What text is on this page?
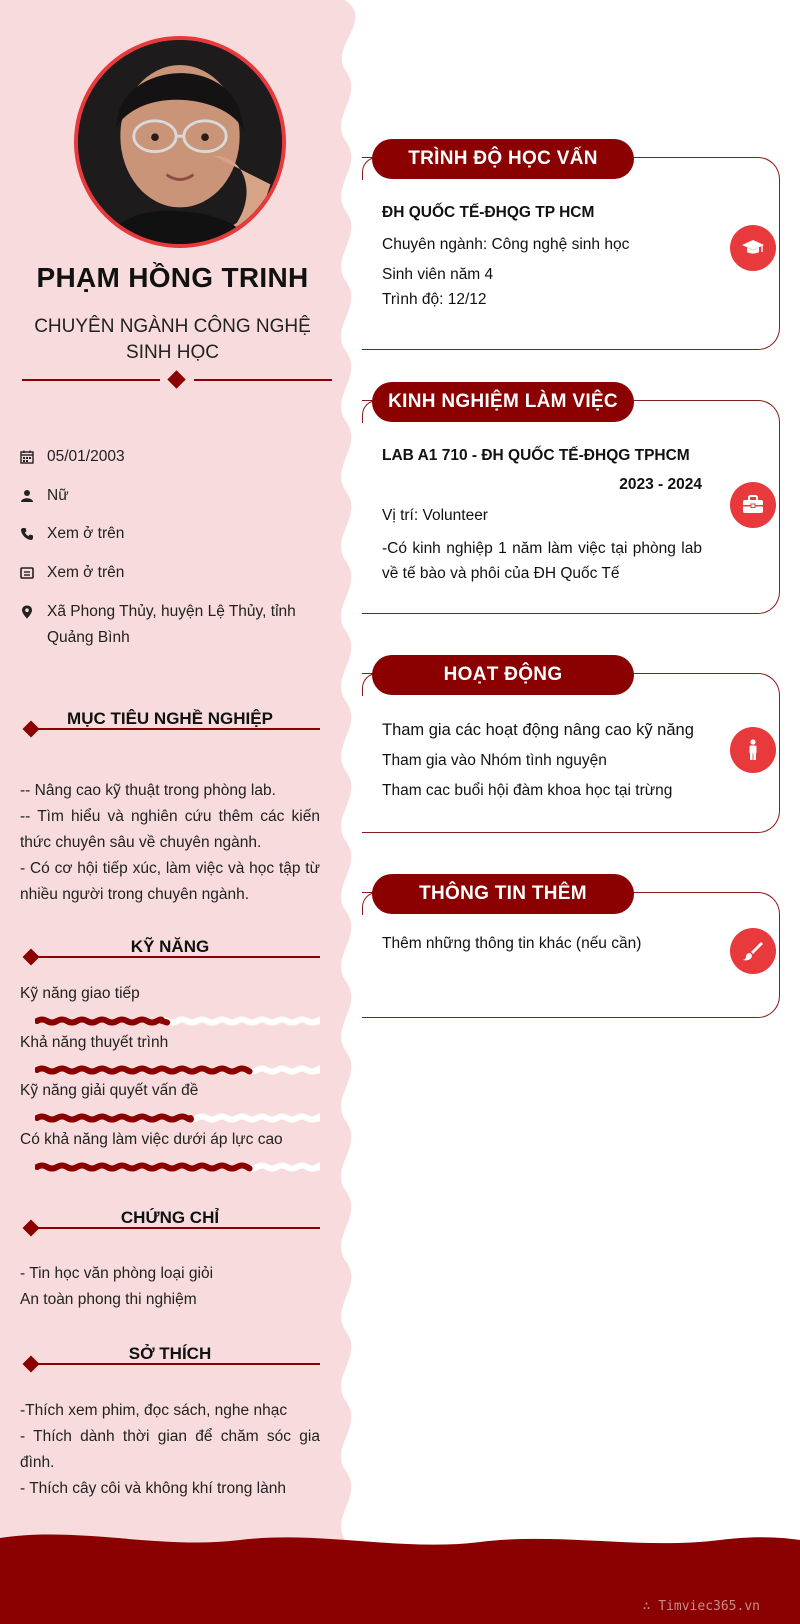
PHẠM HỒNG TRINH
CHUYÊN NGÀNH CÔNG NGHỆ SINH HỌC
05/01/2003
Nữ
Xem ở trên
Xem ở trên
Xã Phong Thủy, huyện Lệ Thủy, tỉnh Quảng Bình
MỤC TIÊU NGHỀ NGHIỆP
-- Nâng cao kỹ thuật trong phòng lab.
-- Tìm hiểu và nghiên cứu thêm các kiến thức chuyên sâu về chuyên ngành.
- Có cơ hội tiếp xúc, làm việc và học tập từ nhiều người trong chuyên ngành.
KỸ NĂNG
Kỹ năng giao tiếp
Khả năng thuyết trình
Kỹ năng giải quyết vấn đề
Có khả năng làm việc dưới áp lực cao
CHỨNG CHỈ
- Tin học văn phòng loại giỏi
An toàn phong thi nghiệm
SỞ THÍCH
-Thích xem phim, đọc sách, nghe nhạc
- Thích dành thời gian để chăm sóc gia đình.
- Thích cây côi và không khí trong lành
TRÌNH ĐỘ HỌC VẤN
ĐH QUỐC TẾ-ĐHQG TP HCM
Chuyên ngành: Công nghệ sinh học
Sinh viên năm 4
Trình độ: 12/12
KINH NGHIỆM LÀM VIỆC
LAB A1 710 - ĐH QUỐC TẾ-ĐHQG TPHCM
2023 - 2024
Vị trí: Volunteer
-Có kinh nghiệp 1 năm làm việc tại phòng lab về tế bào và phôi của ĐH Quốc Tế
HOẠT ĐỘNG
Tham gia các hoạt động nâng cao kỹ năng
Tham gia vào Nhóm tình nguyện
Tham cac buổi hội đàm khoa học tại trừng
THÔNG TIN THÊM
Thêm những thông tin khác (nếu cần)
∴ Timviec365.vn
